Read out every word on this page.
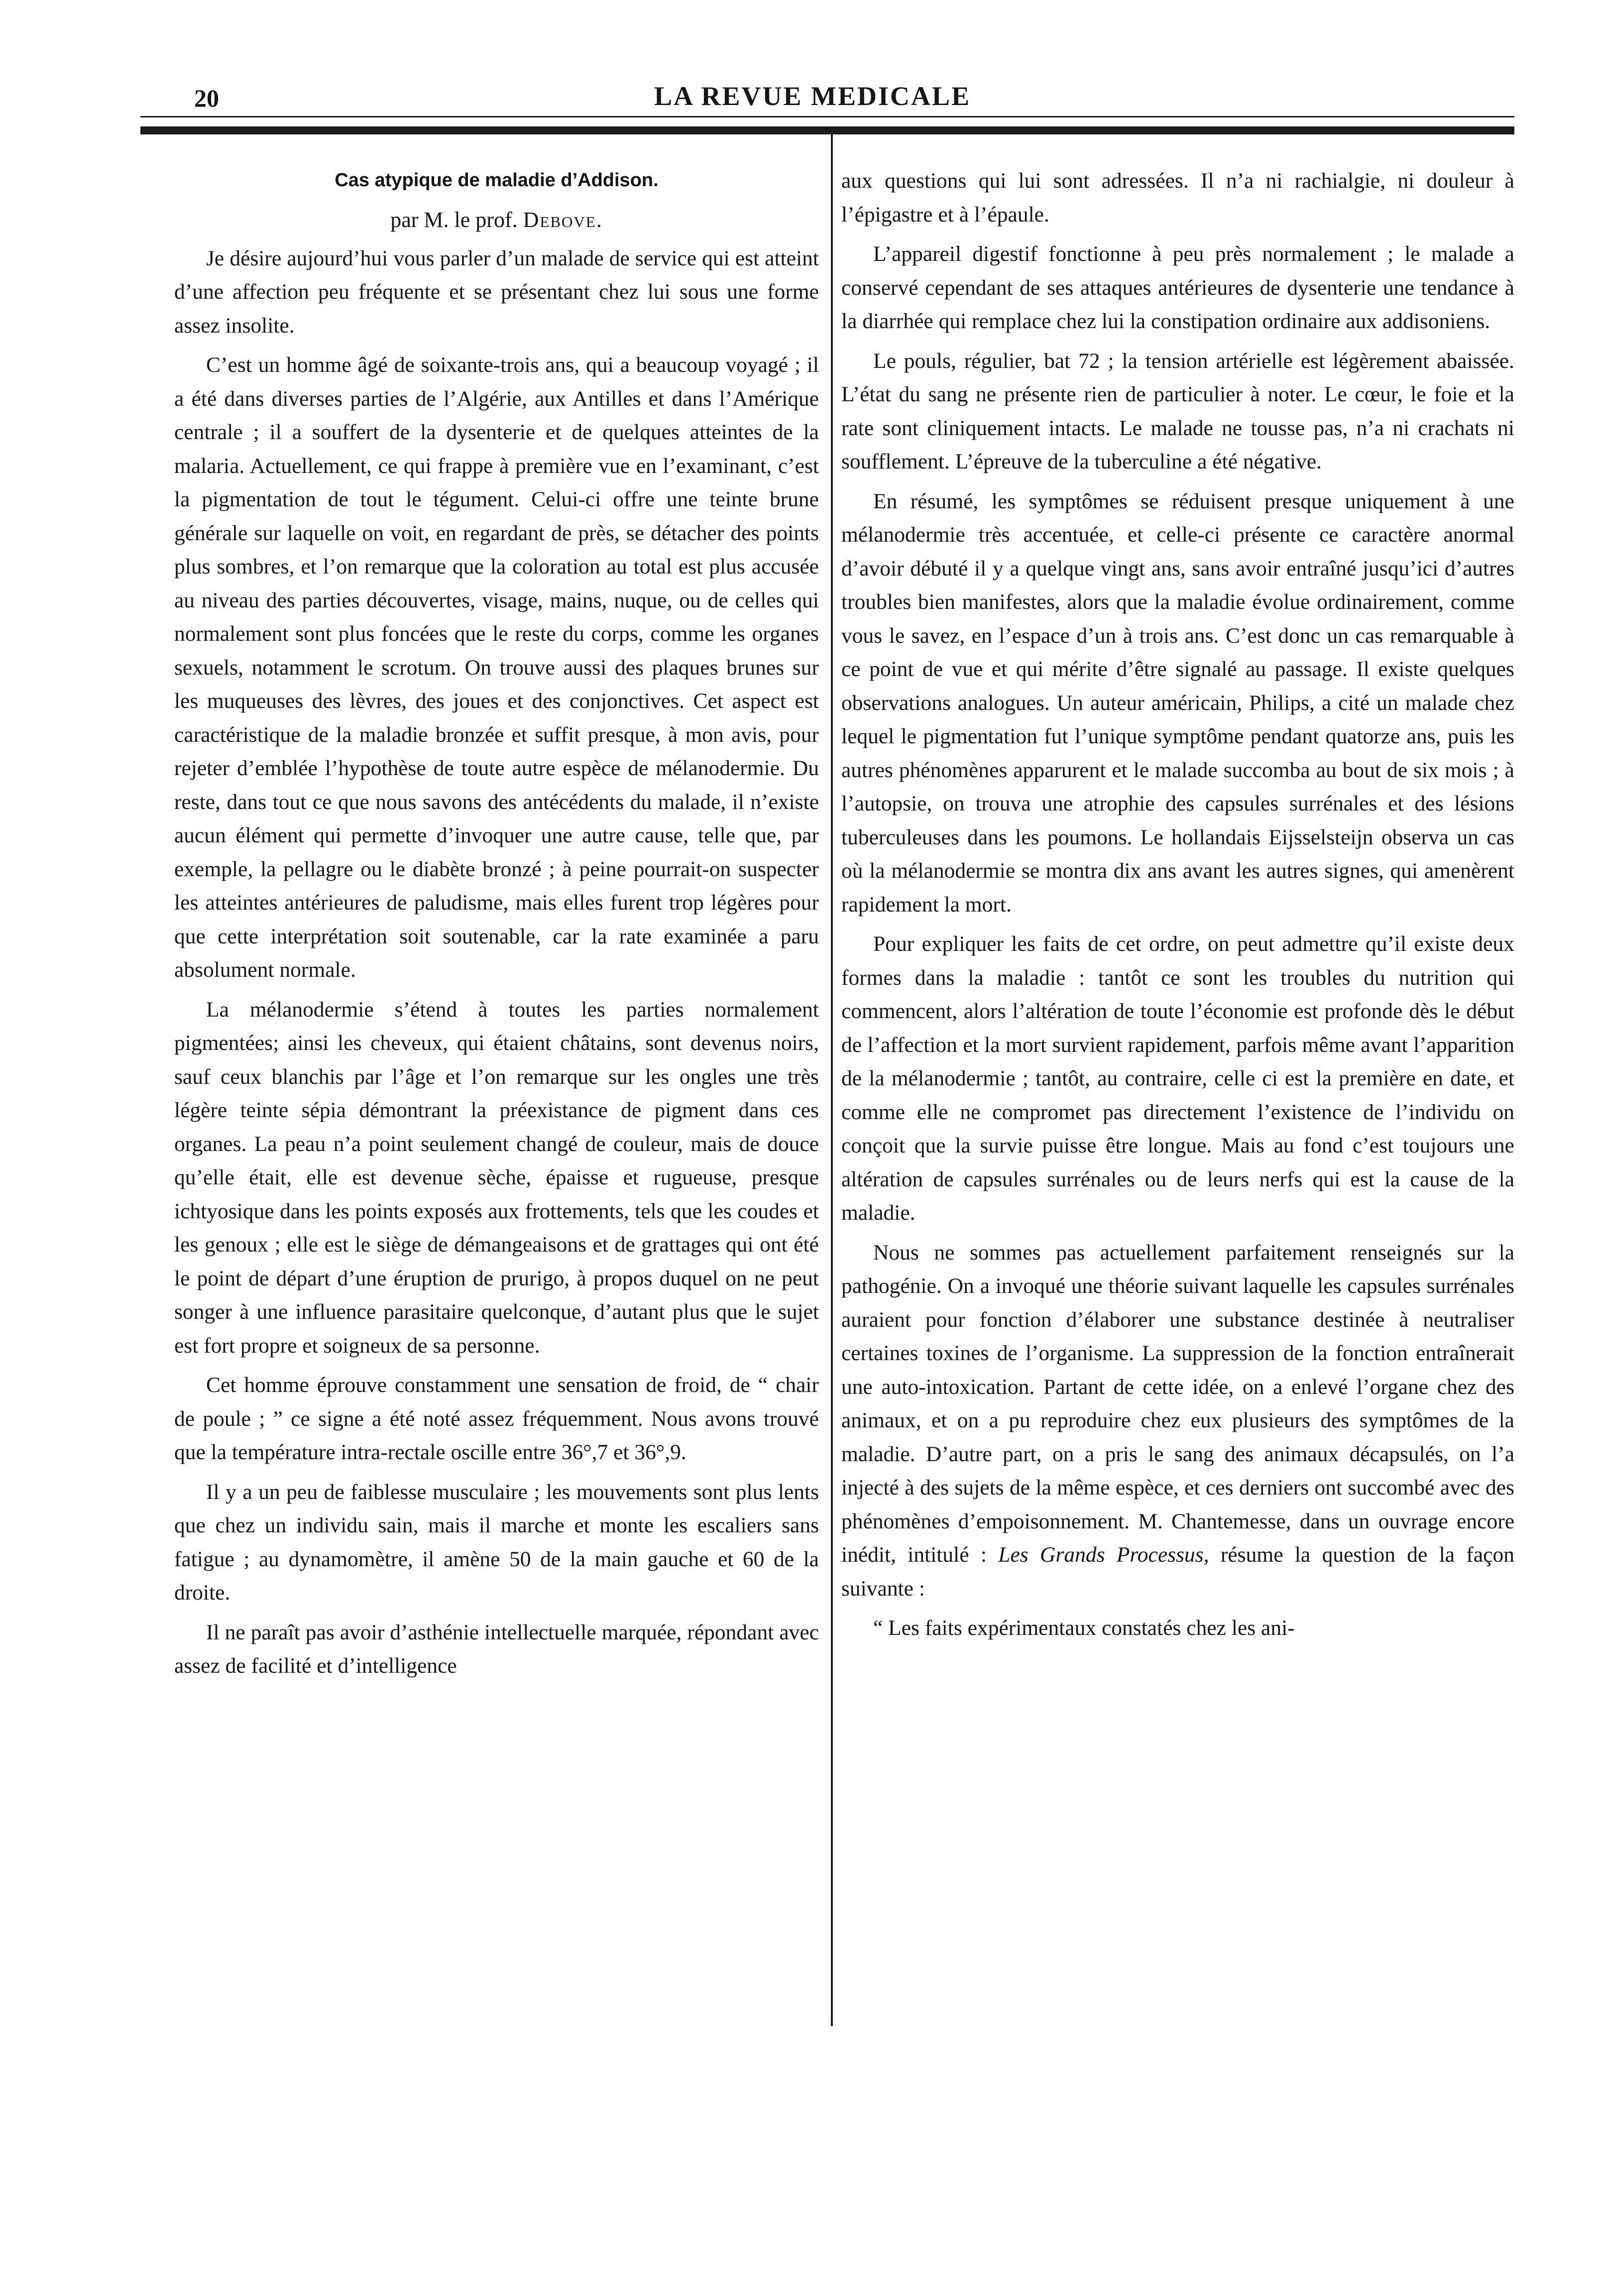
20	LA REVUE MEDICALE
Cas atypique de maladie d’Addison.
par M. le prof. Debove.

Je désire aujourd’hui vous parler d’un malade de service qui est atteint d’une affection peu fréquente et se présentant chez lui sous une forme assez insolite.

C’est un homme âgé de soixante-trois ans, qui a beaucoup voyagé ; il a été dans diverses parties de l’Algérie, aux Antilles et dans l’Amérique centrale ; il a souffert de la dysenterie et de quelques atteintes de la malaria. Actuellement, ce qui frappe à première vue en l’examinant, c’est la pigmentation de tout le tégument. Celui-ci offre une teinte brune générale sur laquelle on voit, en regardant de près, se détacher des points plus sombres, et l’on remarque que la coloration au total est plus accusée au niveau des parties découvertes, visage, mains, nuque, ou de celles qui normalement sont plus foncées que le reste du corps, comme les organes sexuels, notamment le scrotum. On trouve aussi des plaques brunes sur les muqueuses des lèvres, des joues et des conjonctives. Cet aspect est caractéristique de la maladie bronzée et suffit presque, à mon avis, pour rejeter d’emblée l’hypothèse de toute autre espèce de mélanodermie. Du reste, dans tout ce que nous savons des antécédents du malade, il n’existe aucun élément qui permette d’invoquer une autre cause, telle que, par exemple, la pellagre ou le diabète bronzé ; à peine pourrait-on suspecter les atteintes antérieures de paludisme, mais elles furent trop légères pour que cette interprétation soit soutenable, car la rate examinée a paru absolument normale.

La mélanodermie s’étend à toutes les parties normalement pigmentées; ainsi les cheveux, qui étaient châtains, sont devenus noirs, sauf ceux blanchis par l’âge et l’on remarque sur les ongles une très légère teinte sépia démontrant la préexistance de pigment dans ces organes. La peau n’a point seulement changé de couleur, mais de douce qu’elle était, elle est devenue sèche, épaisse et rugueuse, presque ichtyosique dans les points exposés aux frottements, tels que les coudes et les genoux ; elle est le siège de démangeaisons et de grattages qui ont été le point de départ d’une éruption de prurigo, à propos duquel on ne peut songer à une influence parasitaire quelconque, d’autant plus que le sujet est fort propre et soigneux de sa personne.

Cet homme éprouve constamment une sensation de froid, de “ chair de poule ; ” ce signe a été noté assez fréquemment. Nous avons trouvé que la température intra-rectale oscille entre 36°,7 et 36°,9.

Il y a un peu de faiblesse musculaire ; les mouvements sont plus lents que chez un individu sain, mais il marche et monte les escaliers sans fatigue ; au dynamomètre, il amène 50 de la main gauche et 60 de la droite.

Il ne paraît pas avoir d’asthénie intellectuelle marquée, répondant avec assez de facilité et d’intelligence

aux questions qui lui sont adressées. Il n’a ni rachialgie, ni douleur à l’épigastre et à l’épaule.

L’appareil digestif fonctionne à peu près normalement ; le malade a conservé cependant de ses attaques antérieures de dysenterie une tendance à la diarrhée qui remplace chez lui la constipation ordinaire aux addisoniens.

Le pouls, régulier, bat 72 ; la tension artérielle est légèrement abaissée. L’état du sang ne présente rien de particulier à noter. Le cœur, le foie et la rate sont cliniquement intacts. Le malade ne tousse pas, n’a ni crachats ni soufflement. L’épreuve de la tuberculine a été négative.

En résumé, les symptômes se réduisent presque uniquement à une mélanodermie très accentuée, et celle-ci présente ce caractère anormal d’avoir débuté il y a quelque vingt ans, sans avoir entraîné jusqu’ici d’autres troubles bien manifestes, alors que la maladie évolue ordinairement, comme vous le savez, en l’espace d’un à trois ans. C’est donc un cas remarquable à ce point de vue et qui mérite d’être signalé au passage. Il existe quelques observations analogues. Un auteur américain, Philips, a cité un malade chez lequel le pigmentation fut l’unique symptôme pendant quatorze ans, puis les autres phénomènes apparurent et le malade succomba au bout de six mois ; à l’autopsie, on trouva une atrophie des capsules surrénales et des lésions tuberculeuses dans les poumons. Le hollandais Eijsselsteijn observa un cas où la mélanodermie se montra dix ans avant les autres signes, qui amenèrent rapidement la mort.

Pour expliquer les faits de cet ordre, on peut admettre qu’il existe deux formes dans la maladie : tantôt ce sont les troubles du nutrition qui commencent, alors l’altération de toute l’économie est profonde dès le début de l’affection et la mort survient rapidement, parfois même avant l’apparition de la mélanodermie ; tantôt, au contraire, celle ci est la première en date, et comme elle ne compromet pas directement l’existence de l’individu on conçoit que la survie puisse être longue. Mais au fond c’est toujours une altération de capsules surrénales ou de leurs nerfs qui est la cause de la maladie.

Nous ne sommes pas actuellement parfaitement renseignés sur la pathogénie. On a invoqué une théorie suivant laquelle les capsules surrénales auraient pour fonction d’élaborer une substance destinée à neutraliser certaines toxines de l’organisme. La suppression de la fonction entraînerait une auto-intoxication. Partant de cette idée, on a enlevé l’organe chez des animaux, et on a pu reproduire chez eux plusieurs des symptômes de la maladie. D’autre part, on a pris le sang des animaux décapsulés, on l’a injecté à des sujets de la même espèce, et ces derniers ont succombé avec des phénomènes d’empoisonnement. M. Chantemesse, dans un ouvrage encore inédit, intitulé : Les Grands Processus, résume la question de la façon suivante :

“ Les faits expérimentaux constatés chez les ani-
